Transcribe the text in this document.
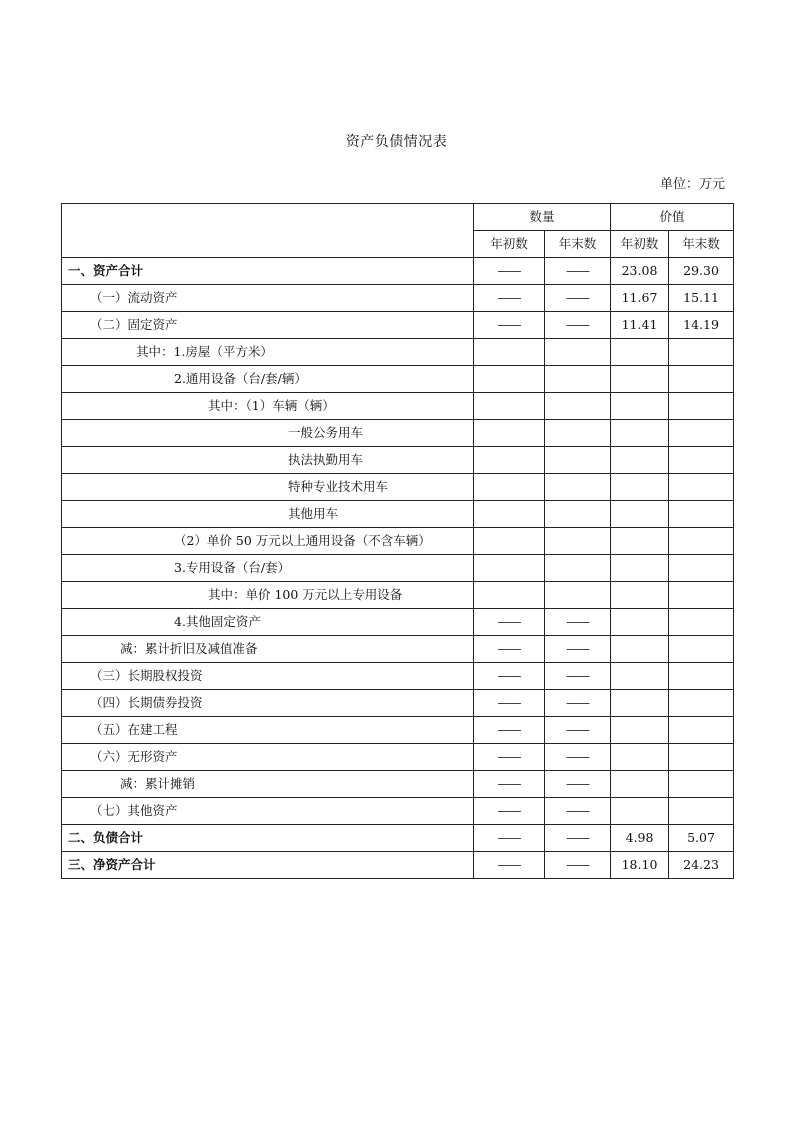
资产负债情况表
单位：万元
	数量		价值	
	年初数	年末数	年初数	年末数
一、资产合计	——	——	23.08	29.30
（一）流动资产	——	——	11.67	15.11
（二）固定资产	——	——	11.41	14.19
其中：1.房屋（平方米）				
2.通用设备（台/套/辆）				
其中：（1）车辆（辆）				
一般公务用车				
执法执勤用车				
特种专业技术用车				
其他用车				
（2）单价 50 万元以上通用设备（不含车辆）				
3.专用设备（台/套）				
其中：单价 100 万元以上专用设备				
4.其他固定资产	——	——		
减：累计折旧及减值准备	——	——		
（三）长期股权投资	——	——		
（四）长期债券投资	——	——		
（五）在建工程	——	——		
（六）无形资产	——	——		
减：累计摊销	——	——		
（七）其他资产	——	——		
二、负债合计	——	——	4.98	5.07
三、净资产合计	——	——	18.10	24.23
